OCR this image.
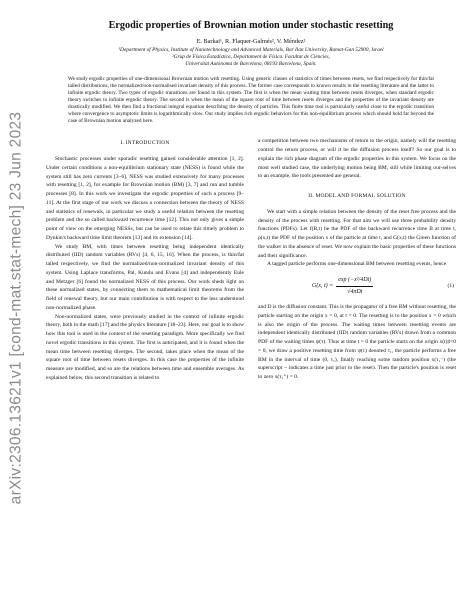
arXiv:2306.13621v1 [cond-mat.stat-mech] 23 Jun 2023
Ergodic properties of Brownian motion under stochastic resetting
E. Barkai¹, R. Flaquer-Galmés², V. Méndez²
¹Department of Physics, Institute of Nanotechnology and Advanced Materials, Bar Ilan University, Ramat-Gan 52900, Israel
²Grup de Física Estadística, Departament de Física. Facultat de Ciències,
Universitat Autònoma de Barcelona, 08193 Barcelona, Spain.
We study ergodic properties of one-dimensional Brownian motion with resetting. Using generic classes of statistics of times between resets, we find respectively for thin/fat tailed distributions, the normalized/non-normalised invariant density of this process. The former case corresponds to known results in the resetting literature and the latter to infinite ergodic theory. Two types of ergodic transitions are found in this system. The first is when the mean waiting time between resets diverges, when standard ergodic theory switches to infinite ergodic theory. The second is when the mean of the square root of time between resets diverges and the properties of the invariant density are drastically modified. We then find a fractional integral equation describing the density of particles. This finite time tool is particularly useful close to the ergodic transition where convergence to asymptotic limits is logarithmically slow. Our study implies rich ergodic behaviors for this non-equilibrium process which should hold far beyond the case of Brownian motion analyzed here.
I. INTRODUCTION

Stochastic processes under sporadic resetting gained considerable attention [1, 2]. Under certain conditions a non-equilibrium stationary state (NESS) is found while the system still has zero currents [3–6]. NESS was studied extensively for many processes with resetting [1, 2], for example for Brownian motion (BM) [3, 7] and run and tumble processes [8]. In this work we investigate the ergodic properties of such a process [9–11]. At the first stage of our work we discuss a connection between the theory of NESS and statistics of renewals, in particular we study a useful relation between the resetting problem and the so called backward recurrence time [12]. This not only gives a simple point of view on the emerging NESSs, but can be used to relate this timely problem to Dynkin's backward time limit theorem [13] and its extension [14].

We study BM, with times between resetting being independent identically distributed (IID) random variables (RVs) [4, 6, 15, 16]. When the process, is thin/fat tailed respectively, we find the normalized/non-normalized invariant density of this system. Using Laplace transforms, Pal, Kundu and Evans [4] and independently Eule and Metzger [6] found the normalized NESS of this process. Our work sheds light on these normalized states, by connecting them to mathematical limit theorems from the field of renewal theory, but our main contribution is with respect to the less understood non-normalized phase.

Non-normalized states, were previously studied in the context of infinite ergodic theory, both in the math [17] and the physics literature [18–23]. Here, our goal is to show how this tool is used in the context of the resetting paradigm. More specifically we find novel ergodic transitions in this system. The first is anticipated, and it is found when the mean time between resetting diverges. The second, takes place when the mean of the square root of time between resets diverges. In this case the properties of the infinite measure are modified, and so are the relations between time and ensemble averages. As explained below, this second transition is related to

a competition between two mechanisms of return to the origin, namely will the resetting control the return process, or will it be the diffusion process itself? So our goal is to explain the rich phase diagram of the ergodic properties in this system. We focus on the most well studied case, the underlying motion being BM, still while limiting our-selves to an example, the tools presented are general.

II. MODEL AND FORMAL SOLUTION

We start with a simple relation between the density of the reset free process and the density of the process with resetting. For that aim we will use three probability density functions (PDFs). Let f(B,t) be the PDF of the backward recurrence time B at time t, ρ(x,t) the PDF of the position x of the particle at time t, and G(x,t) the Green function of the walker in the absence of reset. We now explain the basic properties of these functions and their significance.

A tagged particle performs one-dimensional BM between resetting events, hence

G(x, $t) = \frac{\text{exp (−x²/4Dt)}}{\text{√4πDt}}$	(1)

and D is the diffusion constant. This is the propagator of a free BM without resetting, the particle starting on the origin x = 0, at t = 0. The resetting is to the position x = 0 which is also the origin of the process. The waiting times between resetting events are independent identically distributed (IID) random variables (RVs) drawn from a common PDF of the waiting times ψ(τ). Thus at time t = 0 the particle starts on the origin x(t)|t=0 = 0, we draw a positive resetting time from ψ(τ) denoted τ₁, the particle performs a free BM in the interval of time (0, τ₁), finally reaching some random position x(τ₁⁻) (the superscript − indicates a time just prior to the reset). Then the particle's position is reset to zero x(τ₁⁺) = 0.
